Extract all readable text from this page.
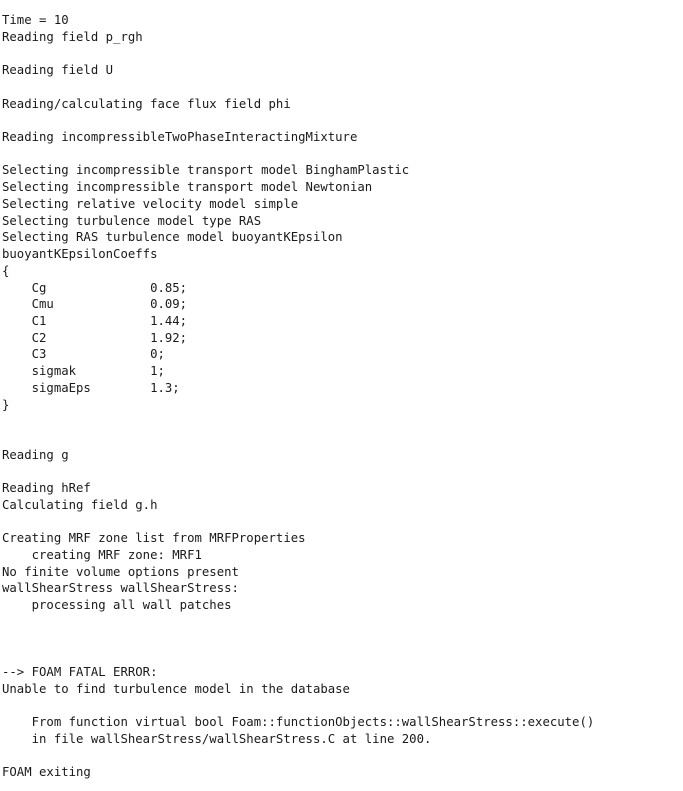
Time = 10
Reading field p_rgh
Reading field U
Reading/calculating face flux field phi
Reading incompressibleTwoPhaseInteractingMixture
Selecting incompressible transport model BinghamPlastic
Selecting incompressible transport model Newtonian
Selecting relative velocity model simple
Selecting turbulence model type RAS
Selecting RAS turbulence model buoyantKEpsilon
buoyantKEpsilonCoeffs
{
Cg              0.85;
Cmu             0.09;
C1              1.44;
C2              1.92;
C3              0;
sigmak          1;
sigmaEps        1.3;
}
Reading g
Reading hRef
Calculating field g.h
Creating MRF zone list from MRFProperties
creating MRF zone: MRF1
No finite volume options present
wallShearStress wallShearStress:
processing all wall patches
--> FOAM FATAL ERROR:
Unable to find turbulence model in the database
From function virtual bool Foam::functionObjects::wallShearStress::execute()
in file wallShearStress/wallShearStress.C at line 200.
FOAM exiting
